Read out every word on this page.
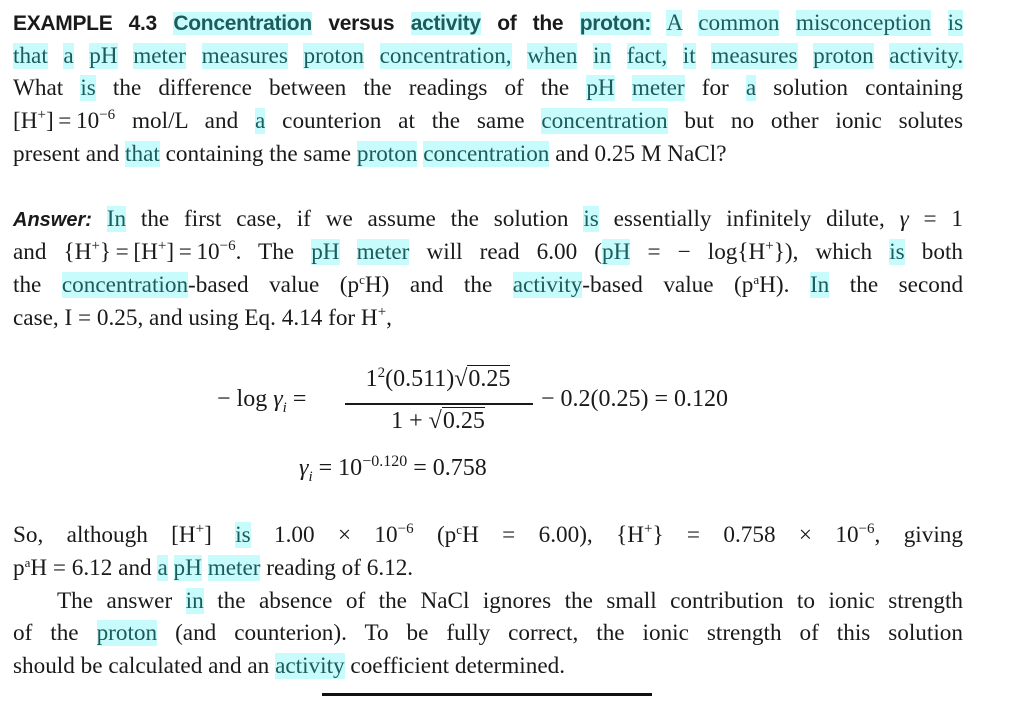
EXAMPLE 4.3 Concentration versus activity of the proton: A common misconception is
that a pH meter measures proton concentration, when in fact, it measures proton activity.
What is the difference between the readings of the pH meter for a solution containing
$[H^+] = 10^{-6}$ mol/L and a counterion at the same concentration but no other ionic solutes
present and that containing the same proton concentration and 0.25 M NaCl?
Answer: In the first case, if we assume the solution is essentially infinitely dilute, γ = 1
and $\{H^+\} = [H^+] = 10^{-6}$. The pH meter will read 6.00 (pH = − log{H+}), which is both
the concentration-based value $(p^cH)$ and the activity-based value $(p^aH)$. In the second
case, I = 0.25, and using Eq. 4.14 for H+,
− $\log \gamma_i$ =
$1^2(0.511)√0.25$
1 + √0.25
− 0.2(0.25) = 0.120
$\gamma_i = 10^{-0.120} = 0.758$
So, although [H+] is $1.00 \times 10^{-6}$ $(p^cH = 6.00)$, $\{H^+\} = 0.758 \times 10^{-6}$, giving
$p^aH = 6.12$ and a pH meter reading of 6.12.
The answer in the absence of the NaCl ignores the small contribution to ionic strength
of the proton (and counterion). To be fully correct, the ionic strength of this solution
should be calculated and an activity coefficient determined.
